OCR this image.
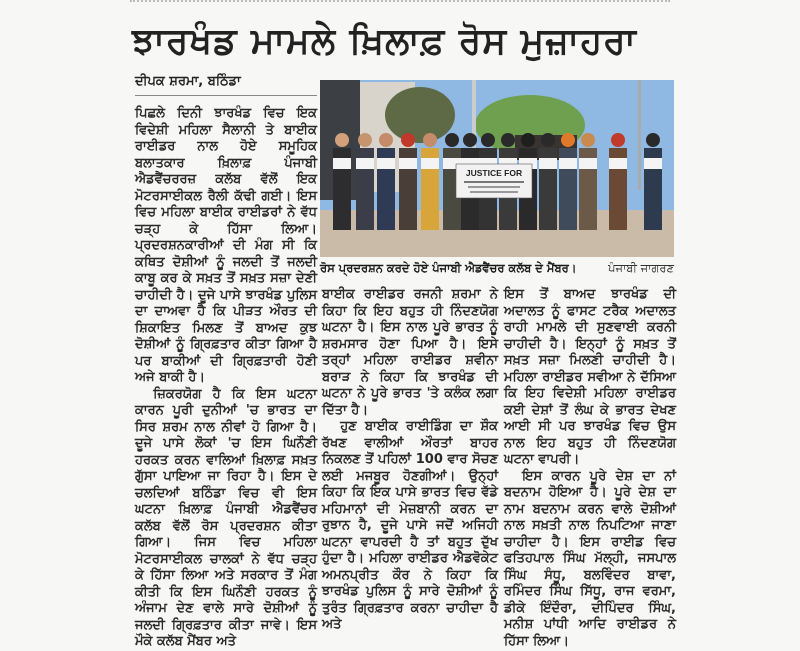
ਝਾਰਖੰਡ ਮਾਮਲੇ ਖ਼ਿਲਾਫ਼ ਰੋਸ ਮੁਜ਼ਾਹਰਾ
ਦੀਪਕ ਸ਼ਰਮਾ, ਬਠਿੰਡਾ

ਪਿਛਲੇ ਦਿਨੀ ਝਾਰਖੰਡ ਵਿਚ ਇਕ ਵਿਦੇਸ਼ੀ ਮਹਿਲਾ ਸੈਲਾਨੀ ਤੇ ਬਾਈਕ ਰਾਈਡਰ ਨਾਲ ਹੋਏ ਸਮੂਹਿਕ ਬਲਾਤਕਾਰ ਖ਼ਿਲਾਫ਼ ਪੰਜਾਬੀ ਐਡਵੈਂਚਰਰਜ਼ ਕਲੱਬ ਵੱਲੋਂ ਇਕ ਮੋਟਰਸਾਈਕਲ ਰੈਲੀ ਕੱਢੀ ਗਈ। ਇਸ ਵਿਚ ਮਹਿਲਾ ਬਾਈਕ ਰਾਈਡਰਾਂ ਨੇ ਵੱਧ ਚੜ੍ਹ ਕੇ ਹਿੱਸਾ ਲਿਆ। ਪ੍ਰਦਰਸ਼ਨਕਾਰੀਆਂ ਦੀ ਮੰਗ ਸੀ ਕਿ ਕਥਿਤ ਦੋਸ਼ੀਆਂ ਨੂੰ ਜਲਦੀ ਤੋਂ ਜਲਦੀ ਕਾਬੂ ਕਰ ਕੇ ਸਖ਼ਤ ਤੋਂ ਸਖ਼ਤ ਸਜ਼ਾ ਦੇਣੀ ਚਾਹੀਦੀ ਹੈ। ਦੂਜੇ ਪਾਸੇ ਝਾਰਖੰਡ ਪੁਲਿਸ ਦਾ ਦਾਅਵਾ ਹੈ ਕਿ ਪੀੜਤ ਔਰਤ ਦੀ ਸ਼ਿਕਾਇਤ ਮਿਲਣ ਤੋਂ ਬਾਅਦ ਕੁਝ ਦੋਸ਼ੀਆਂ ਨੂੰ ਗ੍ਰਿਫ਼ਤਾਰ ਕੀਤਾ ਗਿਆ ਹੈ ਪਰ ਬਾਕੀਆਂ ਦੀ ਗ੍ਰਿਫ਼ਤਾਰੀ ਹੋਣੀ ਅਜੇ ਬਾਕੀ ਹੈ।

ਜ਼ਿਕਰਯੋਗ ਹੈ ਕਿ ਇਸ ਘਟਨਾ ਕਾਰਨ ਪੂਰੀ ਦੁਨੀਆਂ 'ਚ ਭਾਰਤ ਦਾ ਸਿਰ ਸ਼ਰਮ ਨਾਲ ਨੀਵਾਂ ਹੋ ਗਿਆ ਹੈ। ਦੂਜੇ ਪਾਸੇ ਲੋਕਾਂ 'ਚ ਇਸ ਘਿਨੌਣੀ ਹਰਕਤ ਕਰਨ ਵਾਲਿਆਂ ਖ਼ਿਲਾਫ਼ ਸਖ਼ਤ ਗੁੱਸਾ ਪਾਇਆ ਜਾ ਰਿਹਾ ਹੈ। ਇਸ ਦੇ ਚਲਦਿਆਂ ਬਠਿੰਡਾ ਵਿਚ ਵੀ ਇਸ ਘਟਨਾ ਖ਼ਿਲਾਫ਼ ਪੰਜਾਬੀ ਐਡਵੈਂਚਰ ਕਲੱਬ ਵੱਲੋਂ ਰੋਸ ਪ੍ਰਦਰਸ਼ਨ ਕੀਤਾ ਗਿਆ। ਜਿਸ ਵਿਚ ਮਹਿਲਾ ਮੋਟਰਸਾਈਕਲ ਚਾਲਕਾਂ ਨੇ ਵੱਧ ਚੜ੍ਹ ਕੇ ਹਿੱਸਾ ਲਿਆ ਅਤੇ ਸਰਕਾਰ ਤੋਂ ਮੰਗ ਕੀਤੀ ਕਿ ਇਸ ਘਿਨੌਣੀ ਹਰਕਤ ਨੂੰ ਅੰਜਾਮ ਦੇਣ ਵਾਲੇ ਸਾਰੇ ਦੋਸ਼ੀਆਂ ਨੂੰ ਜਲਦੀ ਗ੍ਰਿਫ਼ਤਾਰ ਕੀਤਾ ਜਾਵੇ। ਇਸ ਮੌਕੇ ਕਲੱਬ ਮੈਂਬਰ ਅਤੇ

JUSTICE FOR
ਰੋਸ ਪ੍ਰਦਰਸ਼ਨ ਕਰਦੇ ਹੋਏ ਪੰਜਾਬੀ ਐਡਵੈਂਚਰ ਕਲੱਬ ਦੇ ਮੈਂਬਰ।	ਪੰਜਾਬੀ ਜਾਗਰਣ

ਬਾਈਕ ਰਾਈਡਰ ਰਜਨੀ ਸ਼ਰਮਾ ਨੇ ਕਿਹਾ ਕਿ ਇਹ ਬਹੁਤ ਹੀ ਨਿੰਦਣਯੋਗ ਘਟਨਾ ਹੈ। ਇਸ ਨਾਲ ਪੂਰੇ ਭਾਰਤ ਨੂੰ ਸ਼ਰਮਸਾਰ ਹੋਣਾ ਪਿਆ ਹੈ। ਇਸੇ ਤਰ੍ਹਾਂ ਮਹਿਲਾ ਰਾਈਡਰ ਸ਼ਵੀਨਾ ਬਰਾੜ ਨੇ ਕਿਹਾ ਕਿ ਝਾਰਖੰਡ ਦੀ ਘਟਨਾ ਨੇ ਪੂਰੇ ਭਾਰਤ 'ਤੇ ਕਲੰਕ ਲਗਾ ਦਿੱਤਾ ਹੈ।

ਹੁਣ ਬਾਈਕ ਰਾਈਡਿੰਗ ਦਾ ਸ਼ੌਕ ਰੱਖਣ ਵਾਲੀਆਂ ਔਰਤਾਂ ਬਾਹਰ ਨਿਕਲਣ ਤੋਂ ਪਹਿਲਾਂ 100 ਵਾਰ ਸੋਚਣ ਲਈ ਮਜਬੂਰ ਹੋਣਗੀਆਂ। ਉਨ੍ਹਾਂ ਕਿਹਾ ਕਿ ਇਕ ਪਾਸੇ ਭਾਰਤ ਵਿਚ ਵੱਡੇ ਮਹਿਮਾਨਾਂ ਦੀ ਮੇਜ਼ਬਾਨੀ ਕਰਨ ਦਾ ਰੁਝਾਨ ਹੈ, ਦੂਜੇ ਪਾਸੇ ਜਦੋਂ ਅਜਿਹੀ ਘਟਨਾ ਵਾਪਰਦੀ ਹੈ ਤਾਂ ਬਹੁਤ ਦੁੱਖ ਹੁੰਦਾ ਹੈ। ਮਹਿਲਾ ਰਾਈਡਰ ਐਡਵੋਕੇਟ ਅਮਨਪ੍ਰੀਤ ਕੌਰ ਨੇ ਕਿਹਾ ਕਿ ਝਾਰਖੰਡ ਪੁਲਿਸ ਨੂੰ ਸਾਰੇ ਦੋਸ਼ੀਆਂ ਨੂੰ ਤੁਰੰਤ ਗ੍ਰਿਫ਼ਤਾਰ ਕਰਨਾ ਚਾਹੀਦਾ ਹੈ ਅਤੇ

ਇਸ ਤੋਂ ਬਾਅਦ ਝਾਰਖੰਡ ਦੀ ਅਦਾਲਤ ਨੂੰ ਫਾਸਟ ਟਰੈਕ ਅਦਾਲਤ ਰਾਹੀ ਮਾਮਲੇ ਦੀ ਸੁਣਵਾਈ ਕਰਨੀ ਚਾਹੀਦੀ ਹੈ। ਇਨ੍ਹਾਂ ਨੂੰ ਸਖ਼ਤ ਤੋਂ ਸਖ਼ਤ ਸਜ਼ਾ ਮਿਲਣੀ ਚਾਹੀਦੀ ਹੈ। ਮਹਿਲਾ ਰਾਈਡਰ ਸਵੀਆ ਨੇ ਦੱਸਿਆ ਕਿ ਇਹ ਵਿਦੇਸ਼ੀ ਮਹਿਲਾ ਰਾਈਡਰ ਕਈ ਦੇਸ਼ਾਂ ਤੋਂ ਲੰਘ ਕੇ ਭਾਰਤ ਦੇਖਣ ਆਈ ਸੀ ਪਰ ਝਾਰਖੰਡ ਵਿਚ ਉਸ ਨਾਲ ਇਹ ਬਹੁਤ ਹੀ ਨਿੰਦਣਯੋਗ ਘਟਨਾ ਵਾਪਰੀ।

ਇਸ ਕਾਰਨ ਪੂਰੇ ਦੇਸ਼ ਦਾ ਨਾਂ ਬਦਨਾਮ ਹੋਇਆ ਹੈ। ਪੂਰੇ ਦੇਸ਼ ਦਾ ਨਾਮ ਬਦਨਾਮ ਕਰਨ ਵਾਲੇ ਦੋਸ਼ੀਆਂ ਨਾਲ ਸਖ਼ਤੀ ਨਾਲ ਨਿਪਟਿਆ ਜਾਣਾ ਚਾਹੀਦਾ ਹੈ। ਇਸ ਰਾਈਡ ਵਿਚ ਫਤਿਹਪਾਲ ਸਿੰਘ ਮੱਲ੍ਹੀ, ਜਸਪਾਲ ਸਿੰਘ ਸੰਧੂ, ਬਲਵਿੰਦਰ ਬਾਵਾ, ਰਮਿੰਦਰ ਸਿੰਘ ਸਿੱਧੂ, ਰਾਜ ਵਰਮਾ, ਡੀਕੇ ਇੰਦੌਰਾ, ਦੀਪਿੰਦਰ ਸਿੰਘ, ਮਨੀਸ਼ ਪਾਂਧੀ ਆਦਿ ਰਾਈਡਰ ਨੇ ਹਿੱਸਾ ਲਿਆ।
